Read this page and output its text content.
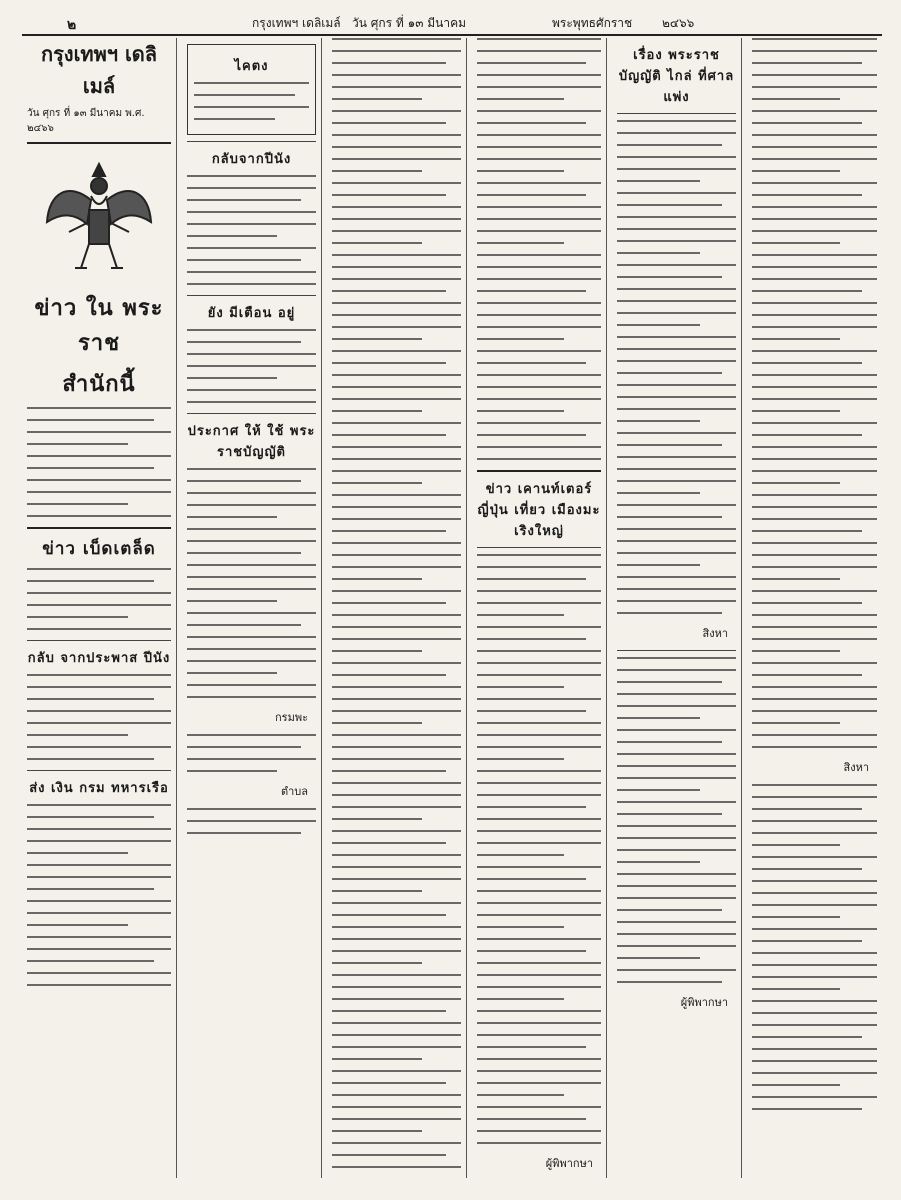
๒	กรุงเทพฯ เดลิเมล์ วัน ศุกร ที่ ๑๓ มีนาคม	พระพุทธศักราช ๒๔๖๖
กรุงเทพฯ เดลิเมล์
วัน ศุกร ที่ ๑๓ มีนาคม พ.ศ. ๒๔๖๖
ข่าว ใน พระราช
สำนักนี้
ข่าว เบ็ดเตล็ด
กลับ จากประพาส ปีนัง
ส่ง เงิน กรม ทหารเรือ
ไคตง
กลับจากปีนัง
ยัง มีเตือน อยู่
ประกาศ ให้ ใช้ พระราชบัญญัติ
กรมพะ
ตำบล
ข่าว เคานท์เตอร์ญี่ปุ่น เที่ยว เมืองมะเริงใหญ่
ผู้พิพากษา
เรื่อง พระราชบัญญัติ ไกล่ ที่ศาลแพ่ง
สิงหา
ผู้พิพากษา
สิงหา
